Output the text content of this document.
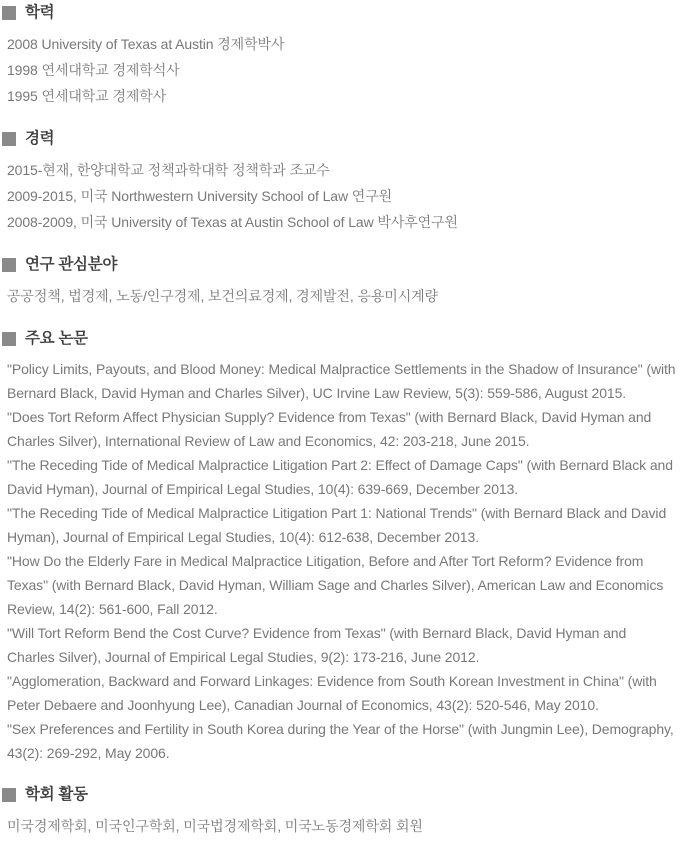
학력

2008 University of Texas at Austin 경제학박사

1998 연세대학교 경제학석사

1995 연세대학교 경제학사

경력

2015-현재, 한양대학교 정책과학대학 정책학과 조교수

2009-2015, 미국 Northwestern University School of Law 연구원

2008-2009, 미국 University of Texas at Austin School of Law 박사후연구원

연구 관심분야

공공정책, 법경제, 노동/인구경제, 보건의료경제, 경제발전, 응용미시계량

주요 논문

"Policy Limits, Payouts, and Blood Money: Medical Malpractice Settlements in the Shadow of Insurance" (with Bernard Black, David Hyman and Charles Silver), UC Irvine Law Review, 5(3): 559-586, August 2015.

"Does Tort Reform Affect Physician Supply? Evidence from Texas" (with Bernard Black, David Hyman and Charles Silver), International Review of Law and Economics, 42: 203-218, June 2015.

"The Receding Tide of Medical Malpractice Litigation Part 2: Effect of Damage Caps" (with Bernard Black and David Hyman), Journal of Empirical Legal Studies, 10(4): 639-669, December 2013.

"The Receding Tide of Medical Malpractice Litigation Part 1: National Trends" (with Bernard Black and David Hyman), Journal of Empirical Legal Studies, 10(4): 612-638, December 2013.

"How Do the Elderly Fare in Medical Malpractice Litigation, Before and After Tort Reform? Evidence from Texas" (with Bernard Black, David Hyman, William Sage and Charles Silver), American Law and Economics Review, 14(2): 561-600, Fall 2012.

"Will Tort Reform Bend the Cost Curve? Evidence from Texas" (with Bernard Black, David Hyman and Charles Silver), Journal of Empirical Legal Studies, 9(2): 173-216, June 2012.

"Agglomeration, Backward and Forward Linkages: Evidence from South Korean Investment in China" (with Peter Debaere and Joonhyung Lee), Canadian Journal of Economics, 43(2): 520-546, May 2010.

"Sex Preferences and Fertility in South Korea during the Year of the Horse" (with Jungmin Lee), Demography, 43(2): 269-292, May 2006.

학회 활동

미국경제학회, 미국인구학회, 미국법경제학회, 미국노동경제학회 회원
